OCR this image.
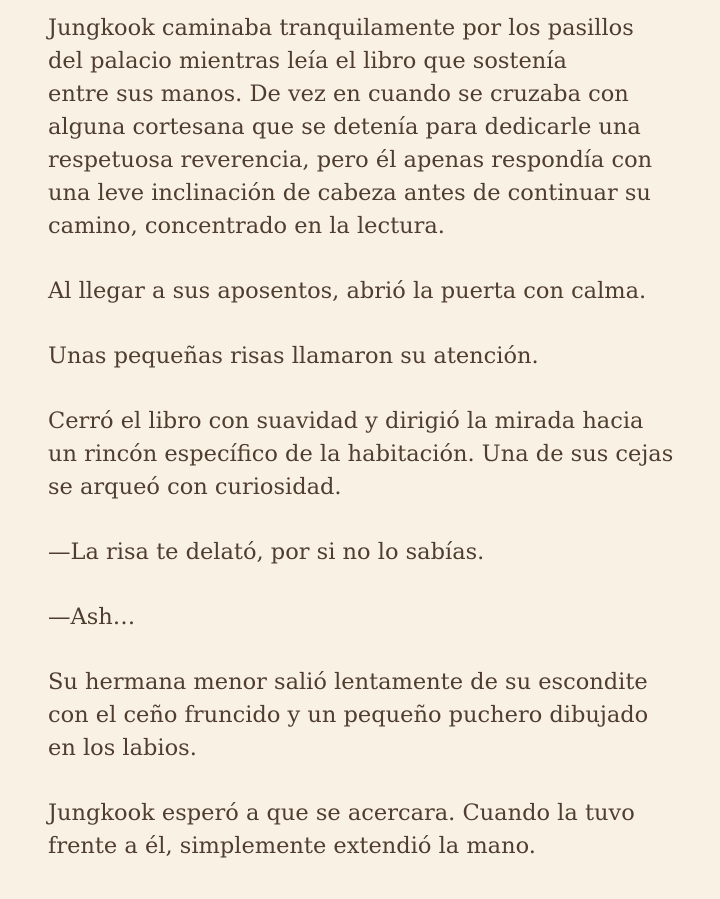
Jungkook caminaba tranquilamente por los pasillos
del palacio mientras leía el libro que sostenía
entre sus manos. De vez en cuando se cruzaba con
alguna cortesana que se detenía para dedicarle una
respetuosa reverencia, pero él apenas respondía con
una leve inclinación de cabeza antes de continuar su
camino, concentrado en la lectura.

Al llegar a sus aposentos, abrió la puerta con calma.

Unas pequeñas risas llamaron su atención.

Cerró el libro con suavidad y dirigió la mirada hacia
un rincón específico de la habitación. Una de sus cejas
se arqueó con curiosidad.

—La risa te delató, por si no lo sabías.

—Ash…

Su hermana menor salió lentamente de su escondite
con el ceño fruncido y un pequeño puchero dibujado
en los labios.

Jungkook esperó a que se acercara. Cuando la tuvo
frente a él, simplemente extendió la mano.
